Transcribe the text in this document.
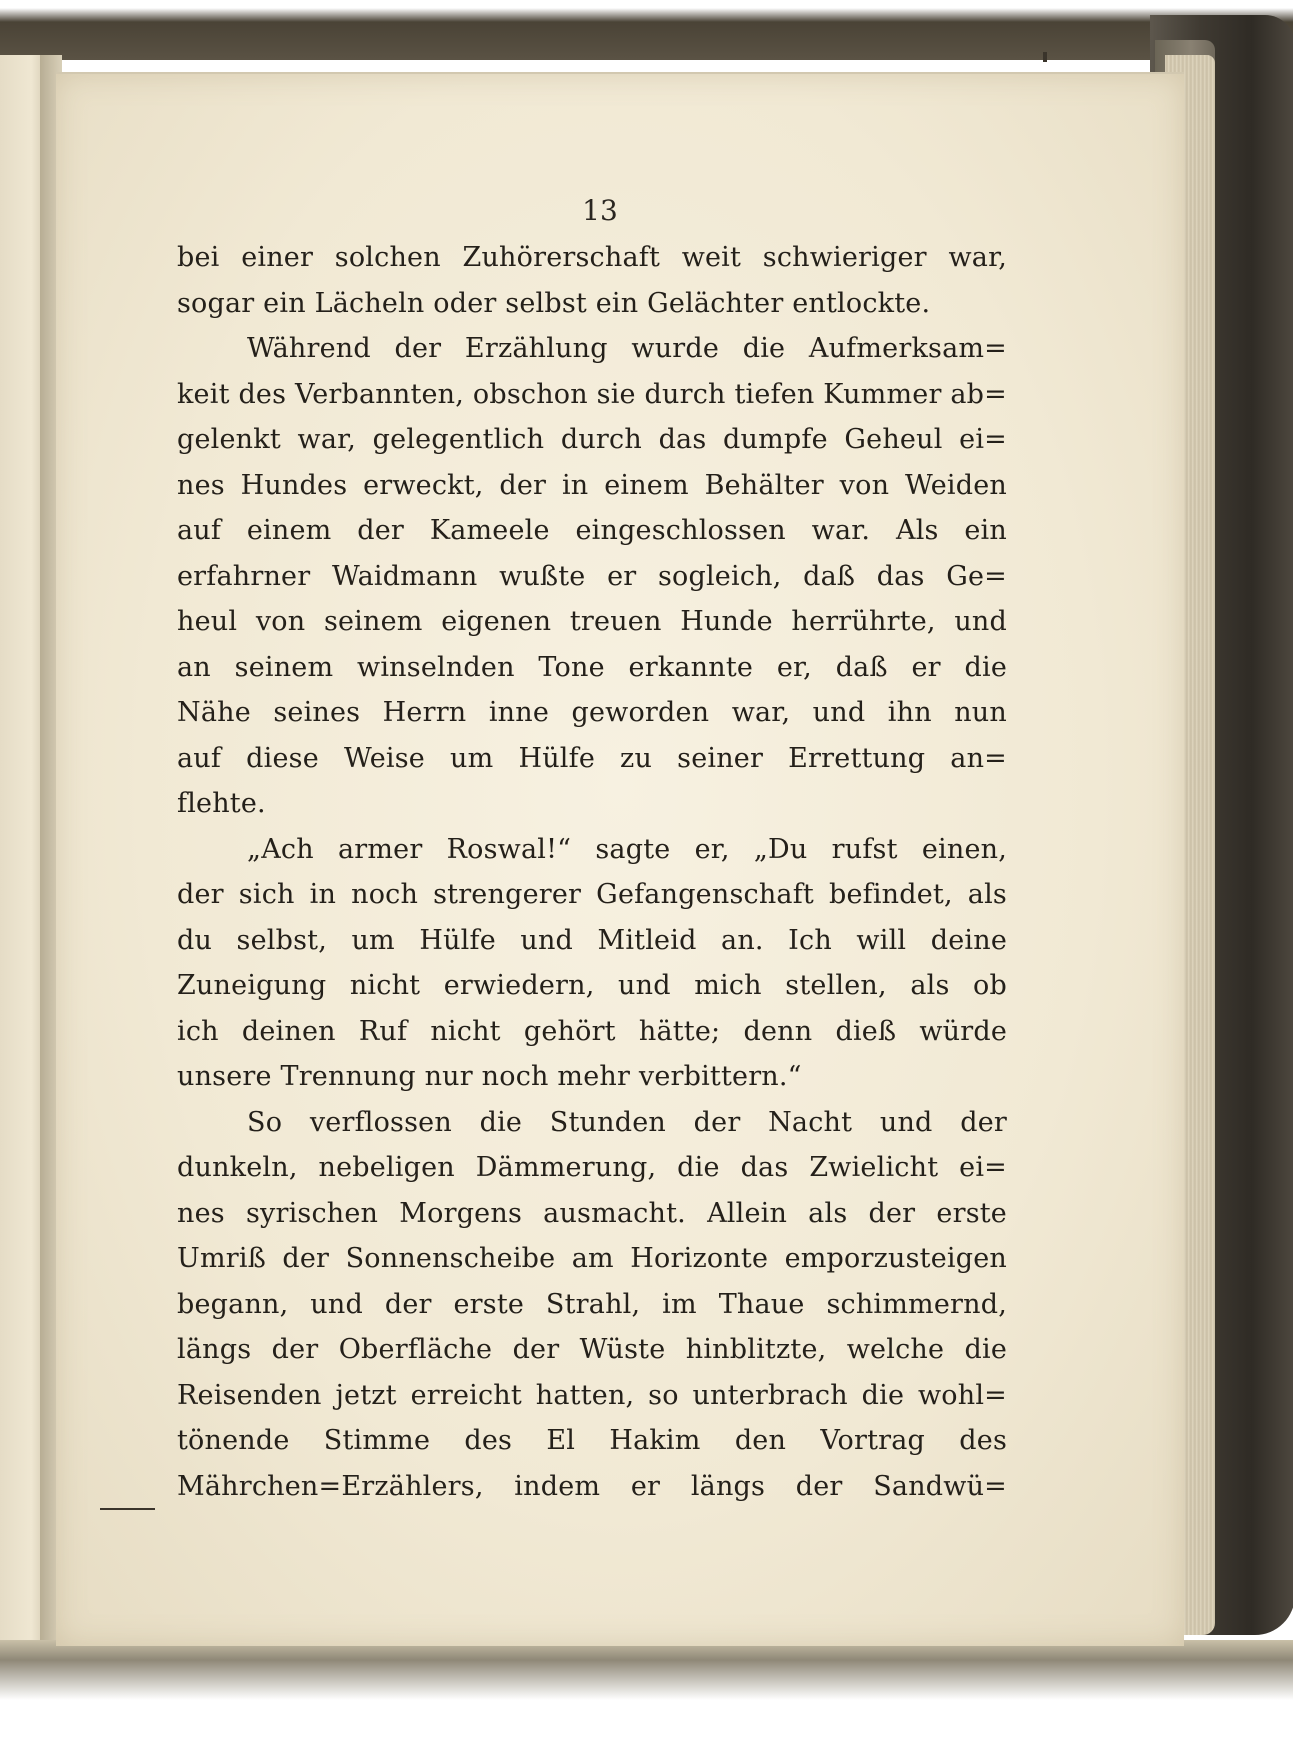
13
bei einer solchen Zuhörerschaft weit schwieriger war,
sogar ein Lächeln oder selbst ein Gelächter entlockte.
Während der Erzählung wurde die Aufmerksam=
keit des Verbannten, obschon sie durch tiefen Kummer ab=
gelenkt war, gelegentlich durch das dumpfe Geheul ei=
nes Hundes erweckt, der in einem Behälter von Weiden
auf einem der Kameele eingeschlossen war. Als ein
erfahrner Waidmann wußte er sogleich, daß das Ge=
heul von seinem eigenen treuen Hunde herrührte, und
an seinem winselnden Tone erkannte er, daß er die
Nähe seines Herrn inne geworden war, und ihn nun
auf diese Weise um Hülfe zu seiner Errettung an=
flehte.
„Ach armer Roswal!“ sagte er, „Du rufst einen,
der sich in noch strengerer Gefangenschaft befindet, als
du selbst, um Hülfe und Mitleid an. Ich will deine
Zuneigung nicht erwiedern, und mich stellen, als ob
ich deinen Ruf nicht gehört hätte; denn dieß würde
unsere Trennung nur noch mehr verbittern.“
So verflossen die Stunden der Nacht und der
dunkeln, nebeligen Dämmerung, die das Zwielicht ei=
nes syrischen Morgens ausmacht. Allein als der erste
Umriß der Sonnenscheibe am Horizonte emporzusteigen
begann, und der erste Strahl, im Thaue schimmernd,
längs der Oberfläche der Wüste hinblitzte, welche die
Reisenden jetzt erreicht hatten, so unterbrach die wohl=
tönende Stimme des El Hakim den Vortrag des
Mährchen=Erzählers, indem er längs der Sandwü=
